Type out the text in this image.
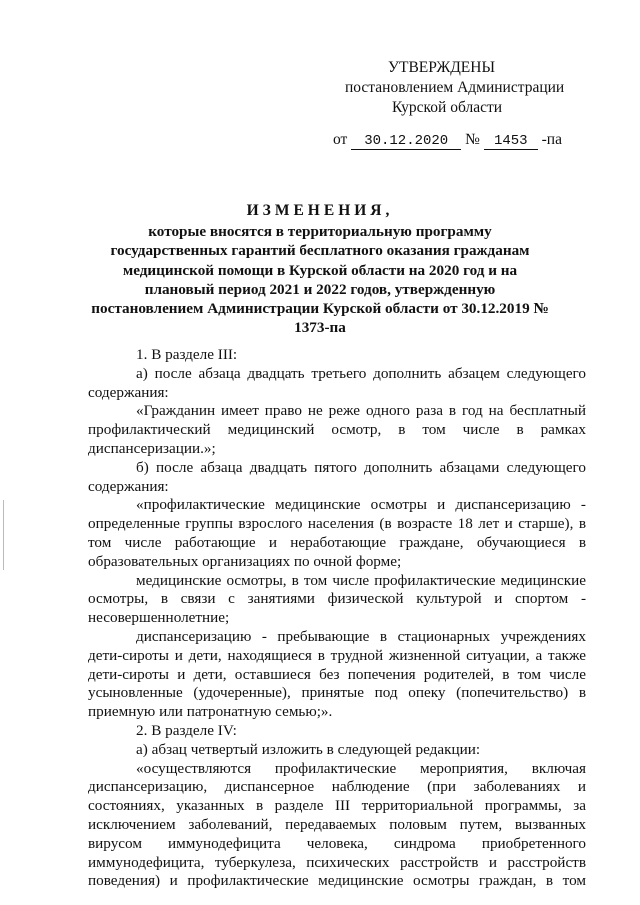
УТВЕРЖДЕНЫ
постановлением Администрации
Курской области
от 30.12.2020 № 1453 -па
ИЗМЕНЕНИЯ,
которые вносятся в территориальную программу государственных гарантий бесплатного оказания гражданам медицинской помощи в Курской области на 2020 год и на плановый период 2021 и 2022 годов, утвержденную постановлением Администрации Курской области от 30.12.2019 № 1373-па

1. В разделе III:

а) после абзаца двадцать третьего дополнить абзацем следующего содержания:

«Гражданин имеет право не реже одного раза в год на бесплатный профилактический медицинский осмотр, в том числе в рамках диспансеризации.»;

б) после абзаца двадцать пятого дополнить абзацами следующего содержания:

«профилактические медицинские осмотры и диспансеризацию - определенные группы взрослого населения (в возрасте 18 лет и старше), в том числе работающие и неработающие граждане, обучающиеся в образовательных организациях по очной форме;

медицинские осмотры, в том числе профилактические медицинские осмотры, в связи с занятиями физической культурой и спортом - несовершеннолетние;

диспансеризацию - пребывающие в стационарных учреждениях дети-сироты и дети, находящиеся в трудной жизненной ситуации, а также дети-сироты и дети, оставшиеся без попечения родителей, в том числе усыновленные (удочеренные), принятые под опеку (попечительство) в приемную или патронатную семью;».

2. В разделе IV:

а) абзац четвертый изложить в следующей редакции:

«осуществляются профилактические мероприятия, включая диспансеризацию, диспансерное наблюдение (при заболеваниях и состояниях, указанных в разделе III территориальной программы, за исключением заболеваний, передаваемых половым путем, вызванных вирусом иммунодефицита человека, синдрома приобретенного иммунодефицита, туберкулеза, психических расстройств и расстройств поведения) и профилактические медицинские осмотры граждан, в том
